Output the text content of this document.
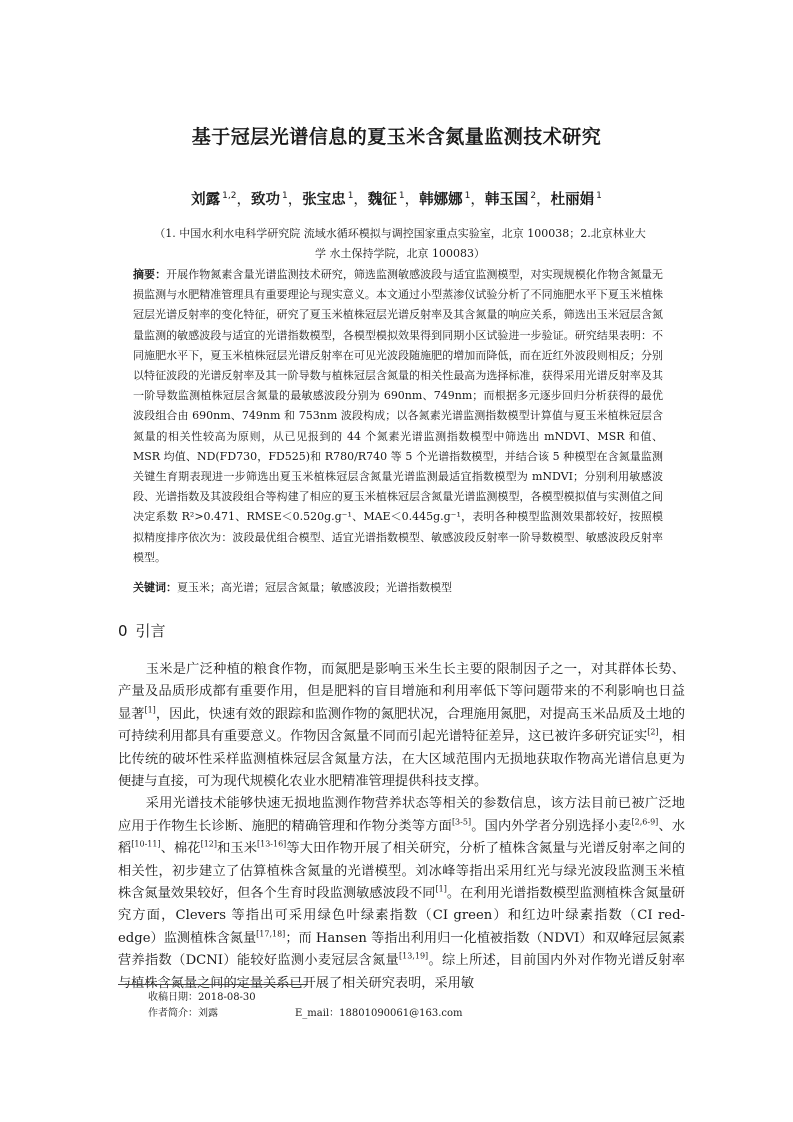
基于冠层光谱信息的夏玉米含氮量监测技术研究
刘露 $^{1,2}$，致功 $^1$，张宝忠 $^1$，魏征 $^1$，韩娜娜 $^1$，韩玉国 $^2$，杜丽娟 $^1$
（1. 中国水利水电科学研究院 流域水循环模拟与调控国家重点实验室，北京 100038；2.北京林业大学 水土保持学院，北京 100083）
摘要：开展作物氮素含量光谱监测技术研究，筛选监测敏感波段与适宜监测模型，对实现规模化作物含氮量无损监测与水肥精准管理具有重要理论与现实意义。本文通过小型蒸渗仪试验分析了不同施肥水平下夏玉米植株冠层光谱反射率的变化特征，研究了夏玉米植株冠层光谱反射率及其含氮量的响应关系，筛选出玉米冠层含氮量监测的敏感波段与适宜的光谱指数模型，各模型模拟效果得到同期小区试验进一步验证。研究结果表明：不同施肥水平下，夏玉米植株冠层光谱反射率在可见光波段随施肥的增加而降低，而在近红外波段则相反；分别以特征波段的光谱反射率及其一阶导数与植株冠层含氮量的相关性最高为选择标准，获得采用光谱反射率及其一阶导数监测植株冠层含氮量的最敏感波段分别为 690nm、749nm；而根据多元逐步回归分析获得的最优波段组合由 690nm、749nm 和 753nm 波段构成；以各氮素光谱监测指数模型计算值与夏玉米植株冠层含氮量的相关性较高为原则，从已见报到的 44 个氮素光谱监测指数模型中筛选出 mNDVI、MSR 和值、MSR 均值、ND(FD730，FD525)和 R780/R740 等 5 个光谱指数模型，并结合该 5 种模型在含氮量监测关键生育期表现进一步筛选出夏玉米植株冠层含氮量光谱监测最适宜指数模型为 mNDVI；分别利用敏感波段、光谱指数及其波段组合等构建了相应的夏玉米植株冠层含氮量光谱监测模型，各模型模拟值与实测值之间决定系数 R²>0.471、RMSE＜0.520g.g⁻¹、MAE＜0.445g.g⁻¹，表明各种模型监测效果都较好，按照模拟精度排序依次为：波段最优组合模型、适宜光谱指数模型、敏感波段反射率一阶导数模型、敏感波段反射率模型。
关键词：夏玉米；高光谱；冠层含氮量；敏感波段；光谱指数模型
0 引言

玉米是广泛种植的粮食作物，而氮肥是影响玉米生长主要的限制因子之一，对其群体长势、产量及品质形成都有重要作用，但是肥料的盲目增施和利用率低下等问题带来的不利影响也日益显著[1]，因此，快速有效的跟踪和监测作物的氮肥状况，合理施用氮肥，对提高玉米品质及土地的可持续利用都具有重要意义。作物因含氮量不同而引起光谱特征差异，这已被许多研究证实[2]，相比传统的破坏性采样监测植株冠层含氮量方法，在大区域范围内无损地获取作物高光谱信息更为便捷与直接，可为现代规模化农业水肥精准管理提供科技支撑。

采用光谱技术能够快速无损地监测作物营养状态等相关的参数信息，该方法目前已被广泛地应用于作物生长诊断、施肥的精确管理和作物分类等方面[3-5]。国内外学者分别选择小麦[2,6-9]、水稻[10-11]、棉花[12]和玉米[13-16]等大田作物开展了相关研究，分析了植株含氮量与光谱反射率之间的相关性，初步建立了估算植株含氮量的光谱模型。刘冰峰等指出采用红光与绿光波段监测玉米植株含氮量效果较好，但各个生育时段监测敏感波段不同[1]。在利用光谱指数模型监测植株含氮量研究方面，Clevers 等指出可采用绿色叶绿素指数（CI green）和红边叶绿素指数（CI red-edge）监测植株含氮量[17,18]；而 Hansen 等指出利用归一化植被指数（NDVI）和双峰冠层氮素营养指数（DCNI）能较好监测小麦冠层含氮量[13,19]。综上所述，目前国内外对作物光谱反射率与植株含氮量之间的定量关系已开展了相关研究表明，采用敏

收稿日期：2018-08-30
作者简介：刘露	E_mail：18801090061@163.com
